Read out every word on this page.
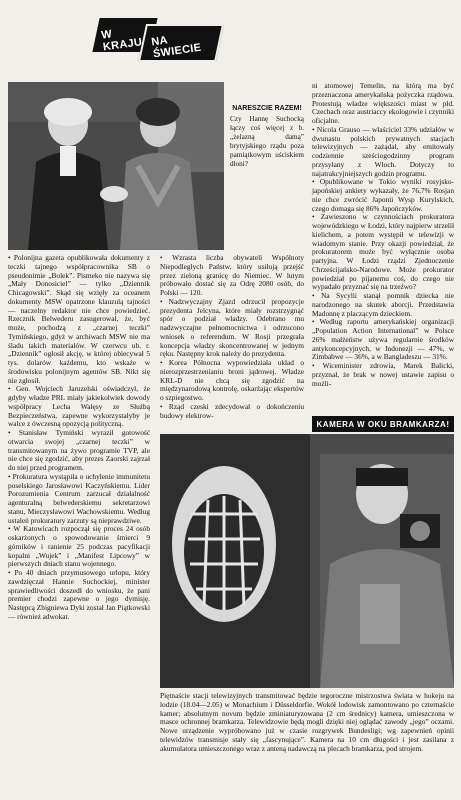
W KRAJU NA ŚWIECIE
NARESZCIE RAZEM!
Czy Hannę Suchocką łączy coś więcej z b. „żelazną damą” brytyjskiego rządu poza pamiątkowym uściskiem dłoni?

• Polonijna gazeta opublikowała dokumenty z teczki tajnego współpracownika SB o pseudonimie „Bolek”. Pismeko nie nazywa się „Mały Donosiciel” — tylko „Dziennik Chicagowski”. Skąd się wzięły za oceanem dokumenty MSW opatrzone klauzulą tajności — naczelny redaktor nie chce powiedzieć. Rzecznik Belwederu zasugerował, że, być może, pochodzą z „czarnej teczki” Tymińskiego, gdyż w archiwach MSW nie ma śladu takich materiałów. W czerwcu ub. r. „Dziennik” ogłosił akcję, w której obiecywał 5 tys. dolarów każdemu, kto wskaże w środowisku polonijnym agentów SB. Nikt się nie zgłosił.

• Gen. Wojciech Jaruzelski oświadczył, że gdyby władze PRL miały jakiekolwiek dowody współpracy Lecha Wałęsy ze Służbą Bezpieczeństwa, zapewne wykorzystałyby je walce z ówczesną opozycją polityczną.

• Stanisław Tymiński wyraził gotowość otwarcia swojej „czarnej teczki” w transmitowanym na żywo programie TVP, ale nie chce się zgodzić, aby prezes Zaorski zajrzał do niej przed programem.

• Prokuratura wystąpiła o uchylenie immunitetu poselskiego Jarosławowi Kaczyńskiemu. Lider Porozumienia Centrum zarzucał działalność agenturalną belwederskiemu sekretarzowi stanu, Mieczysławowi Wachowskiemu. Według ustaleń prokuratury zarzuty są nieprawdziwe.

• W Katowicach rozpoczął się proces 24 osób oskarżonych o spowodowanie śmierci 9 górników i ranienie 25 podczas pacyfikacji kopalni „Wujek” i „Manifest Lipcowy” w pierwszych dniach stanu wojennego.

• Po 40 dniach przymusowego urlopu, który zawdzięczał Hannie Suchockiej, minister sprawiedliwości doszedł do wniosku, że pani premier chodzi zapewne o jego dymisję. Następcą Zbigniewa Dyki został Jan Piątkowski — również adwokat.

• Wzrasta liczba obywateli Wspólnoty Niepodległych Państw, który usiłują przejść przez zieloną granicę do Niemiec. W lutym próbowało dostać się za Odrę 2080 osób, do Polski — 120.

• Nadzwyczajny Zjazd odrzucił propozycje prezydenta Jelcyna, które miały rozstrzygnąć spór o podział władzy. Odebrano mu nadzwyczajne pełnomocnictwa i odrzucono wniosek o referendum. W Rosji przegrała koncepcja władzy skoncentrowanej w jednym ręku. Następny krok należy do prezydenta.

• Korea Północna wypowiedziała układ o nierozprzestrzenianiu broni jądrowej. Władze KRL-D nie chcą się zgodzić na międzynarodową kontrolę, oskarżając ekspertów o szpiegostwo.

• Rząd czeski zdecydował o dokończeniu budowy elektrow-

ni atomowej Temelin, na którą ma być przeznaczona amerykańska pożyczka rządowa. Protestują władze większości miast w płd. Czechach oraz austriaccy ekologowie i czynniki oficjalne.

• Nicola Grauso — właściciel 33% udziałów w dwunastu polskich prywatnych stacjach telewizyjnych — zażądał, aby emitowały codziennie sześciogodzinny program przysyłany z Włoch. Dotyczy to najatrakcyjniejszych godzin programu.

• Opublikowane w Tokio wyniki rosyjsko-japońskiej ankiety wykazały, że 76,7% Rosjan nie chce zwrócić Japonii Wysp Kurylskich, czego domaga się 86% Japończyków.

• Zawieszono w czynnościach prokuratora wojewódzkiego w Łodzi, który najpierw strzelił kielichem, a potem występił w telewizji w wiadomym stanie. Przy okazji powiedział, że prokuratorem może być wyłącznie osoba partyjna. W Łodzi rządzi Zjednoczenie Chrześcijańsko-Narodowe. Może prokurator powiedział po pijanemu coś, do czego nie wypadało przyznać się na trzeźwo?

• Na Sycylii stanął pomnik dziecka nie narodzonego na skutek aborcji. Przedstawia Madonnę z płaczącym dzieckiem.

• Według raportu amerykańskiej organizacji „Population Action International” w Polsce 26% małżeństw używa regularnie środków antykoncepcyjnych, w Indonezji — 47%, w Zimbabwe — 36%, a w Bangladeszu — 31%.

• Wiceminister zdrowia, Marek Balicki, przyznał, że brak w nowej ustawie zapisu o możli-

KAMERA W OKU BRAMKARZA!
Piętnaście stacji telewizyjnych transmitować będzie tegoroczne mistrzostwa świata w hokeju na lodzie (18.04—2.05) w Monachium i Düsseldorfie. Wokół lodowisk zamontowano po czternaście kamer; absolutnym novum będzie zminiaturyzowana (2 cm średnicy) kamera, umieszczona w masce ochronnej bramkarza. Telewidzowie będą mogli dzięki niej oglądać zawody „jego” oczami. Nowe urządzenie wypróbowano już w czasie rozgrywek Bundesligi; wg zapewnień opinii telewidzów transmisje stały się „fascynujące”. Kamera na 10 cm długości i jest zasilana z akumulatora umieszczonego wraz z anteną nadawczą na plecach bramkarza, pod strojem.
